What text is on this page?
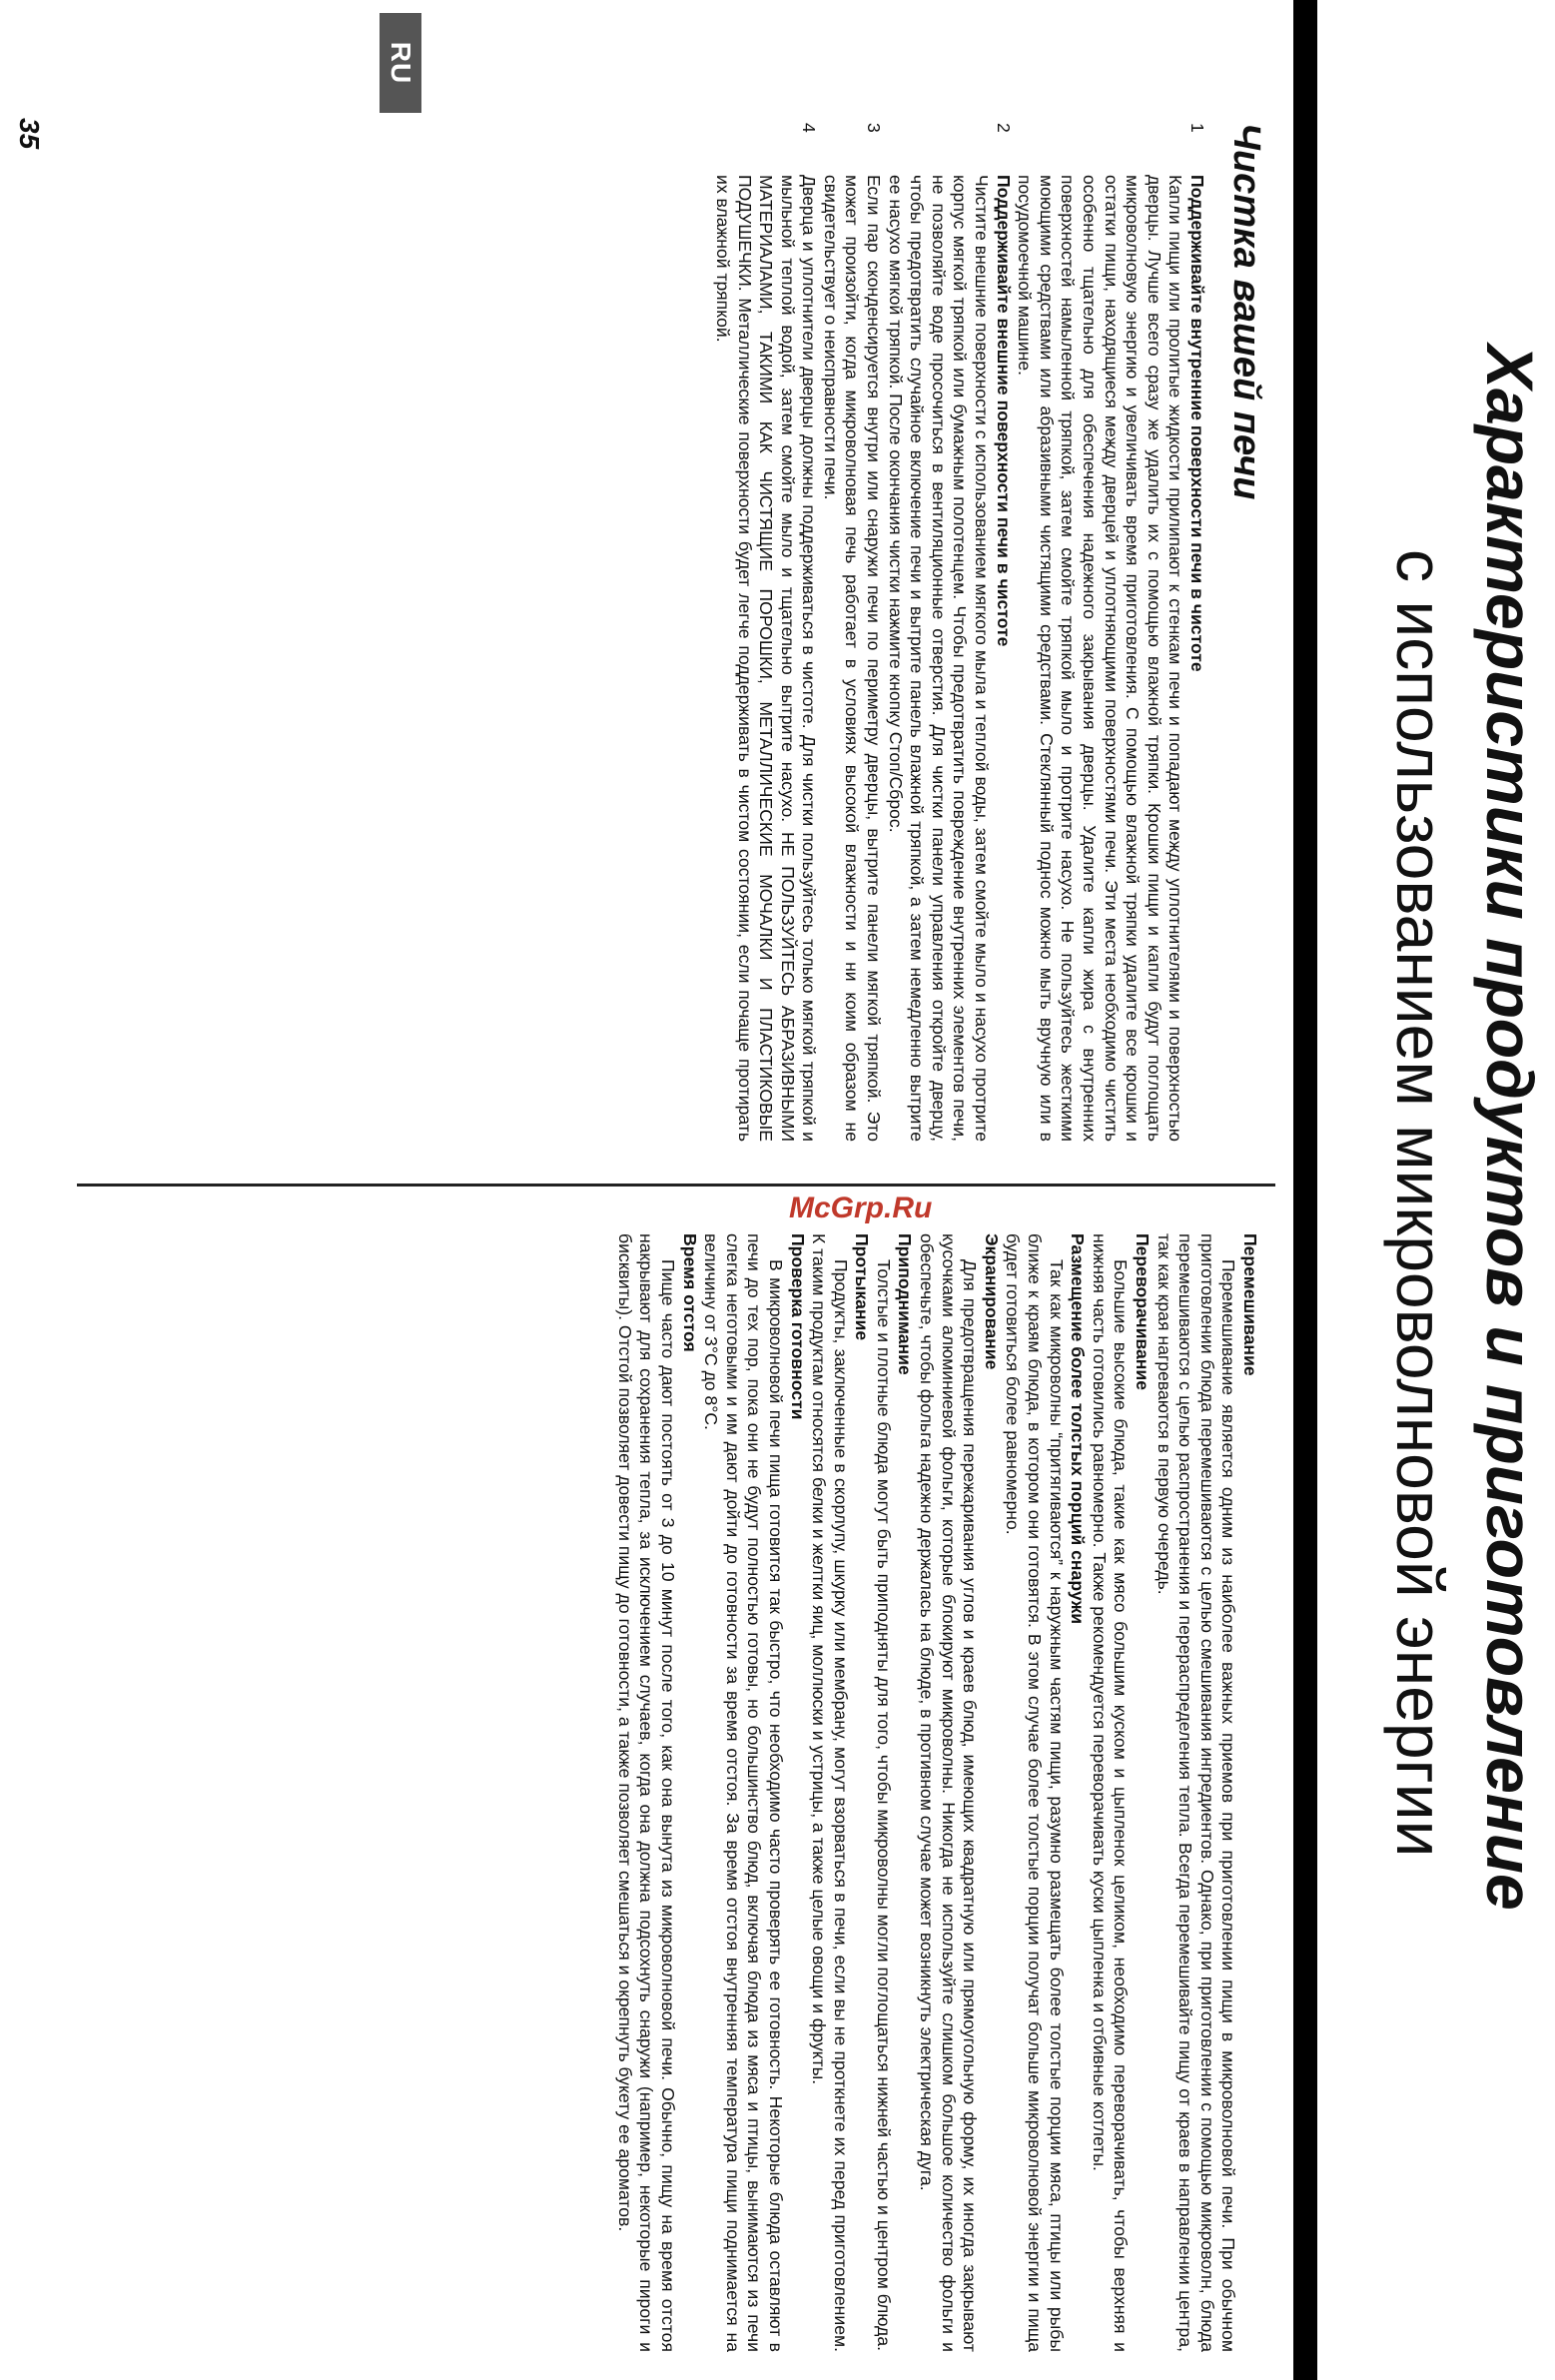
Характеристики продуктов и приготовление
с использованием микроволновой энергии
RU
35

Перемешивание

Перемешивание является одним из наиболее важных приемов при приготовлении пищи в микроволновой печи. При обычном приготовлении блюда перемешиваются с целью смешивания ингредиентов. Однако, при приготовлении с помощью микроволн, блюда перемешиваются с целью распространения и перераспределения тепла. Всегда перемешивайте пищу от краев в направлении центра, так как края нагреваются в первую очередь.

Переворачивание

Большие высокие блюда, такие как мясо большим куском и цыпленок целиком, необходимо переворачивать, чтобы верхняя и нижняя часть готовились равномерно. Также рекомендуется переворачивать куски цыпленка и отбивные котлеты.

Размещение более толстых порций снаружи

Так как микроволны “притягиваются” к наружным частям пищи, разумно размещать более толстые порции мяса, птицы или рыбы ближе к краям блюда, в котором они готовятся. В этом случае более толстые порции получат больше микроволновой энергии и пища будет готовиться более равномерно.

Экранирование

Для предотвращения пережаривания углов и краев блюд, имеющих квадратную или прямоугольную форму, их иногда закрывают кусочками алюминиевой фольги, которые блокируют микроволны. Никогда не используйте слишком большое количество фольги и обеспечьте, чтобы фольга надежно держалась на блюде, в противном случае может возникнуть электрическая дуга.

Приподнимание

Толстые и плотные блюда могут быть приподняты для того, чтобы микроволны могли поглощаться нижней частью и центром блюда.

Протыкание

Продукты, заключенные в скорлупу, шкурку или мембрану, могут взорваться в печи, если вы не проткнете их перед приготовлением. К таким продуктам относятся белки и желтки яиц, моллюски и устрицы, а также целые овощи и фрукты.

Проверка готовности

В микроволновой печи пища готовится так быстро, что необходимо часто проверять ее готовность. Некоторые блюда оставляют в печи до тех пор, пока они не будут полностью готовы, но большинство блюд, включая блюда из мяса и птицы, вынимаются из печи слегка неготовыми и им дают дойти до готовности за время отстоя. За время отстоя внутренняя температура пищи поднимается на величину от 3°С до 8°С.

Время отстоя

Пище часто дают постоять от 3 до 10 минут после того, как она вынута из микроволновой печи. Обычно, пищу на время отстоя накрывают для сохранения тепла, за исключением случаев, когда она должна подсохнуть снаружи (например, некоторые пироги и бисквиты). Отстой позволяет довести пищу до готовности, а также позволяет смешаться и окрепнуть букету ее ароматов.

Чистка вашей печи
1

Поддерживайте внутренние поверхности печи в чистоте

Капли пищи или пролитые жидкости прилипают к стенкам печи и попадают между уплотнителями и поверхностью дверцы. Лучше всего сразу же удалить их с помощью влажной тряпки. Крошки пищи и капли будут поглощать микроволновую энергию и увеличивать время приготовления. С помощью влажной тряпки удалите все крошки и остатки пищи, находящиеся между дверцей и уплотняющими поверхностями печи. Эти места необходимо чистить особенно тщательно для обеспечения надежного закрывания дверцы. Удалите капли жира с внутренних поверхностей намыленной тряпкой, затем смойте тряпкой мыло и протрите насухо. Не пользуйтесь жесткими моющими средствами или абразивными чистящими средствами. Стеклянный поднос можно мыть вручную или в посудомоечной машине.

2

Поддерживайте внешние поверхности печи в чистоте

Чистите внешние поверхности с использованием мягкого мыла и теплой воды, затем смойте мыло и насухо протрите корпус мягкой тряпкой или бумажным полотенцем. Чтобы предотвратить повреждение внутренних элементов печи, не позволяйте воде просочиться в вентиляционные отверстия. Для чистки панели управления откройте дверцу, чтобы предотвратить случайное включение печи и вытрите панель влажной тряпкой, а затем немедленно вытрите ее насухо мягкой тряпкой. После окончания чистки нажмите кнопку Стоп/Сброс.

3

Если пар сконденсируется внутри или снаружи печи по периметру дверцы, вытрите панели мягкой тряпкой. Это может произойти, когда микроволновая печь работает в условиях высокой влажности и ни коим образом не свидетельствует о неисправности печи.

4

Дверца и уплотнители дверцы должны поддерживаться в чистоте. Для чистки пользуйтесь только мягкой тряпкой и мыльной теплой водой, затем смойте мыло и тщательно вытрите насухо. НЕ ПОЛЬЗУЙТЕСЬ АБРАЗИВНЫМИ МАТЕРИАЛАМИ, ТАКИМИ КАК ЧИСТЯЩИЕ ПОРОШКИ, МЕТАЛЛИЧЕСКИЕ МОЧАЛКИ И ПЛАСТИКОВЫЕ ПОДУШЕЧКИ. Металлические поверхности будет легче поддерживать в чистом состоянии, если почаще протирать их влажной тряпкой.

McGrp.Ru
